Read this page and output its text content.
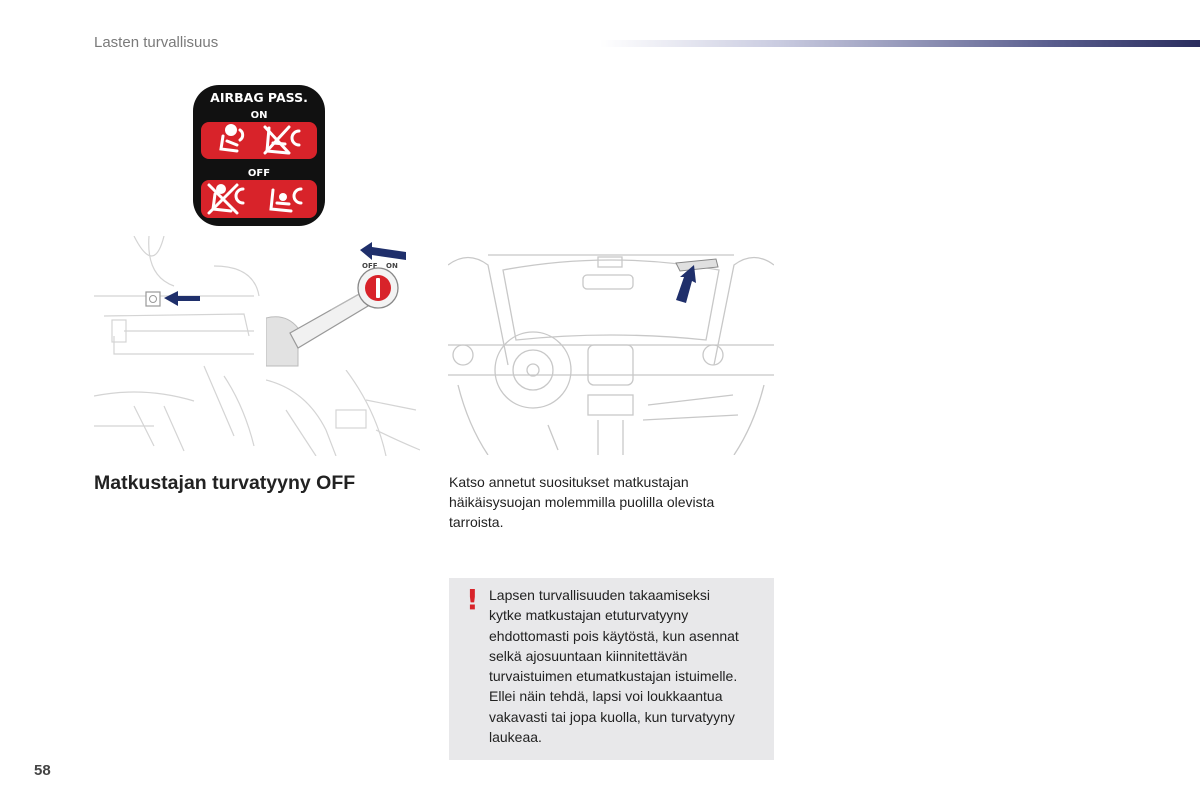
Lasten turvallisuus
AIRBAG PASS.
ON
OFF
OFF ON
Matkustajan turvatyyny OFF	Katso annetut suositukset matkustajan
häikäisysuojan molemmilla puolilla olevista
tarroista.
! Lapsen turvallisuuden takaamiseksi
kytke matkustajan etuturvatyyny
ehdottomasti pois käytöstä, kun asennat
selkä ajosuuntaan kiinnitettävän
turvaistuimen etumatkustajan istuimelle.
Ellei näin tehdä, lapsi voi loukkaantua
vakavasti tai jopa kuolla, kun turvatyyny
laukeaa.
58
